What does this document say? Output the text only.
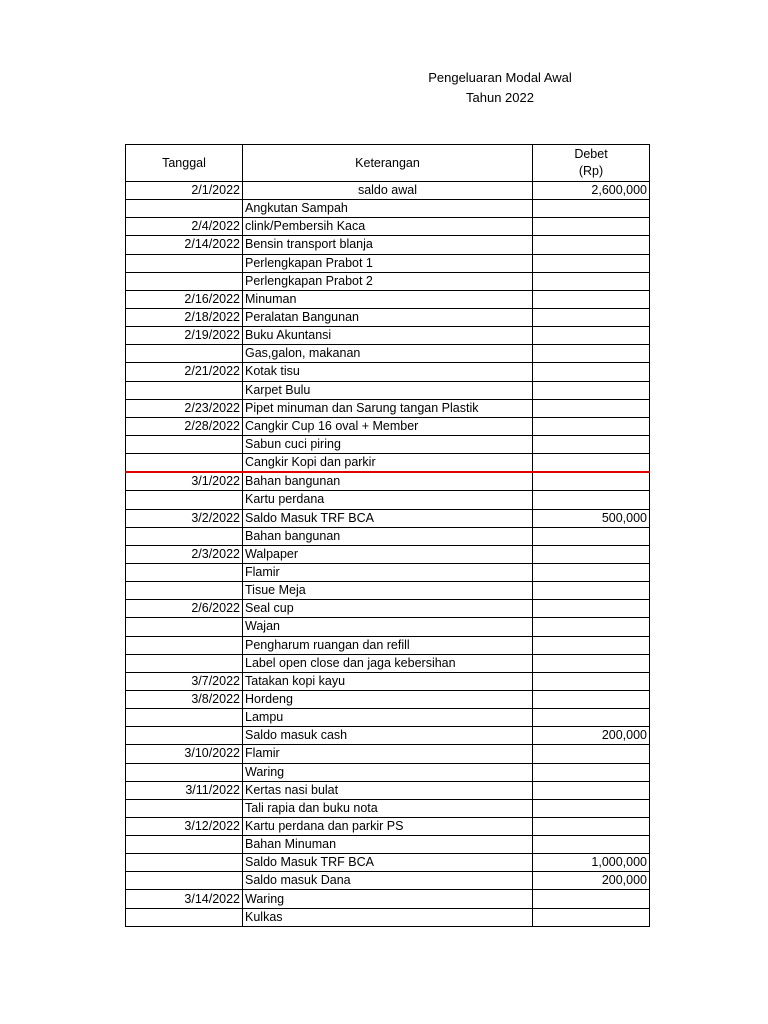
Pengeluaran Modal Awal
Tahun 2022
Tanggal	Keterangan	Debet
(Rp)

2/1/2022	saldo awal	2,600,000
	Angkutan Sampah	
2/4/2022	clink/Pembersih Kaca	
2/14/2022	Bensin transport blanja	
	Perlengkapan Prabot 1	
	Perlengkapan Prabot 2	
2/16/2022	Minuman	
2/18/2022	Peralatan Bangunan	
2/19/2022	Buku Akuntansi	
	Gas,galon, makanan	
2/21/2022	Kotak tisu	
	Karpet Bulu	
2/23/2022	Pipet minuman dan Sarung tangan Plastik	
2/28/2022	Cangkir Cup 16 oval + Member	
	Sabun cuci piring	
	Cangkir Kopi dan parkir	
3/1/2022	Bahan bangunan	
	Kartu perdana	
3/2/2022	Saldo Masuk TRF BCA	500,000
	Bahan bangunan	
2/3/2022	Walpaper	
	Flamir	
	Tisue Meja	
2/6/2022	Seal cup	
	Wajan	
	Pengharum ruangan dan refill	
	Label open close dan jaga kebersihan	
3/7/2022	Tatakan kopi kayu	
3/8/2022	Hordeng	
	Lampu	
	Saldo masuk cash	200,000
3/10/2022	Flamir	
	Waring	
3/11/2022	Kertas nasi bulat	
	Tali rapia dan buku nota	
3/12/2022	Kartu perdana dan parkir PS	
	Bahan Minuman	
	Saldo Masuk TRF BCA	1,000,000
	Saldo masuk Dana	200,000
3/14/2022	Waring	
	Kulkas	
